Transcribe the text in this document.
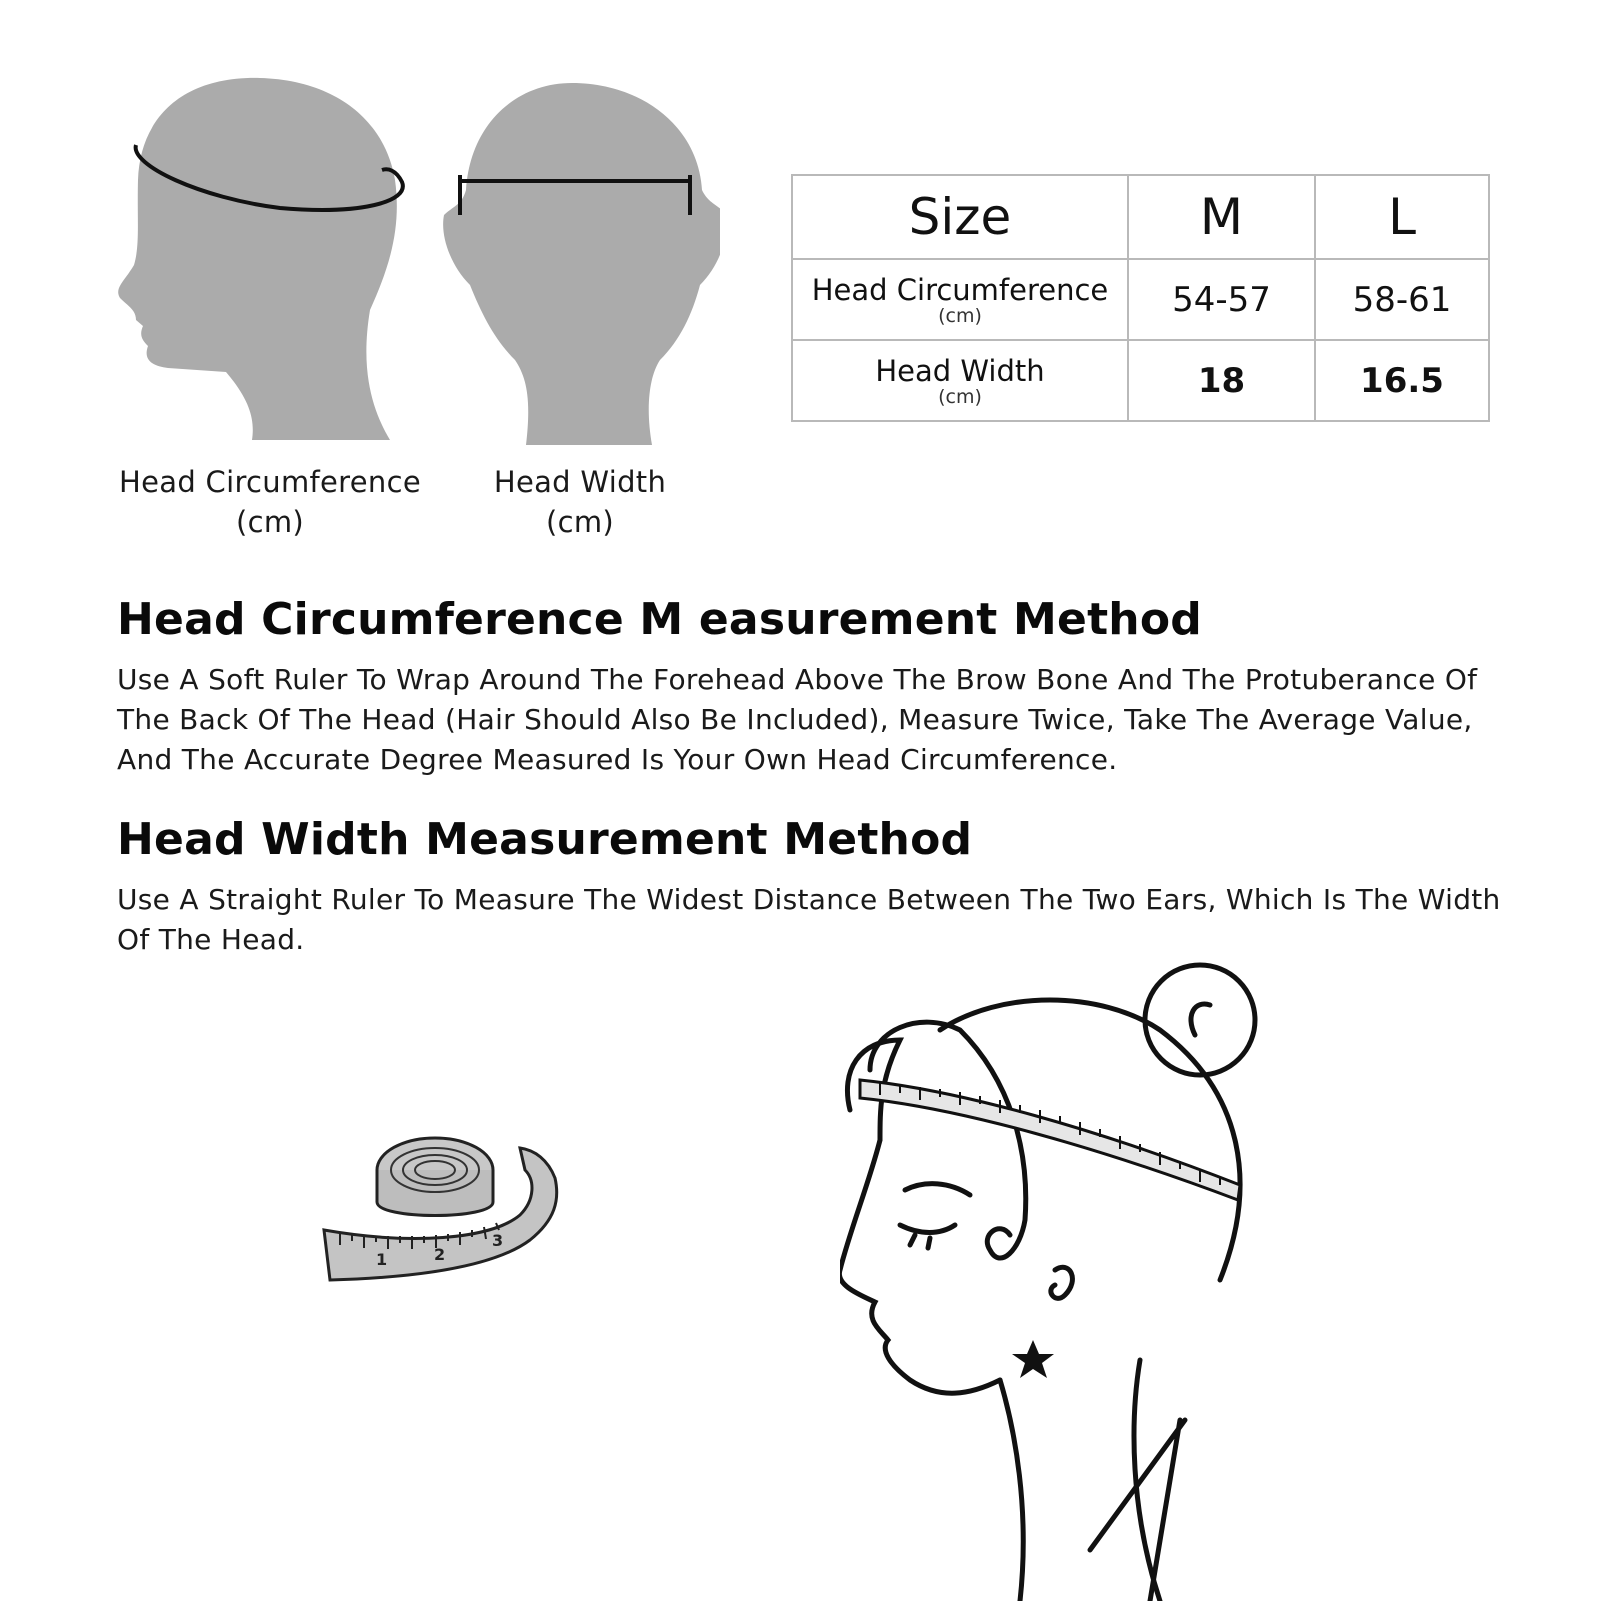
Head Circumference
(cm)
Head Width
(cm)
Size	M	L

Head Circumference
(cm)	54-57	58-61

Head Width
(cm)	18	16.5
Head Circumference M easurement Method
Use A Soft Ruler To Wrap Around The Forehead Above The Brow Bone And The Protuberance Of The Back Of The Head (Hair Should Also Be Included), Measure Twice, Take The Average Value, And The Accurate Degree Measured Is Your Own Head Circumference.
Head Width Measurement Method
Use A Straight Ruler To Measure The Widest Distance Between The Two Ears, Which Is The Width Of The Head.
1	2
3
